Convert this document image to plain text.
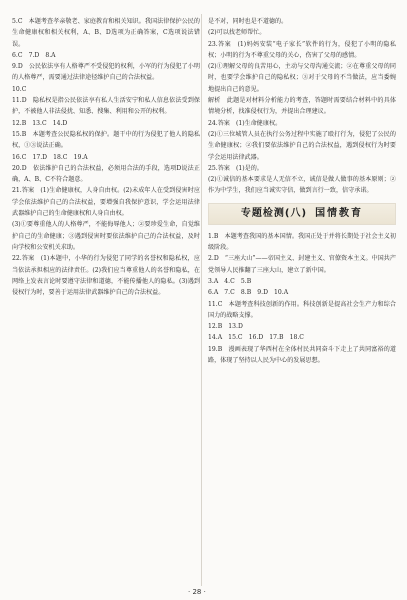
5.C　本题考查孝亲敬老、家庭教育和相关知识。我国法律保护公民的生命健康权和相关权利，A、B、D选项为正确答案，C选项说法错误。
6.C　7.D　8.A
9.D　公民依法享有人格尊严不受侵犯的权利，小军的行为侵犯了小明的人格尊严，需要通过法律途径维护自己的合法权益。
10.C
11.D　隐私权是指公民依法享有私人生活安宁和私人信息依法受到保护，不被他人非法侵扰、知悉、搜集、利用和公开的权利。
12.B　13.C　14.D
15.B　本题考查公民隐私权的保护。题干中的行为侵犯了他人的隐私权，①③说法正确。
16.C　17.D　18.C　19.A
20.D　依法维护自己的合法权益，必须用合法的手段，选项D说法正确，A、B、C不符合题意。
21.答案　(1)生命健康权，人身自由权。(2)未成年人在受到侵害时应学会依法维护自己的合法权益，要增强自我保护意识，学会运用法律武器维护自己的生命健康权和人身自由权。
(3)①要尊重他人的人格尊严，不能侮辱他人；②要珍爱生命，自觉维护自己的生命健康；③遇到侵害时要依法维护自己的合法权益，及时向学校和公安机关求助。
22.答案　(1)本题中，小华的行为侵犯了同学的名誉权和隐私权，应当依法承担相应的法律责任。(2)我们应当尊重他人的名誉和隐私，在网络上发表言论时要遵守法律和道德，不能传播他人的隐私。(3)遇到侵权行为时，要善于运用法律武器维护自己的合法权益。
是不对，同时也是不道德的。
(2)可以找老师帮忙。
23.答案　(1)妈妈安装“电子家长”软件的行为，侵犯了小明的隐私权；小明的行为不尊重父母的关心，伤害了父母的感情。
(2)①理解父母的良苦用心，主动与父母沟通交流；②在尊重父母的同时，也要学会维护自己的隐私权；③对于父母的不当做法，应当委婉地提出自己的意见。
解析　此题是对材料分析能力的考查，答题时需要结合材料中的具体情境分析，找准侵权行为，并提出合理建议。
24.答案　(1)生命健康权。
(2)①三位城管人员在执行公务过程中实施了殴打行为，侵犯了公民的生命健康权；②我们要依法维护自己的合法权益，遇到侵权行为时要学会运用法律武器。
25.答案　(1)是的。
(2)①诚信的基本要求是人无信不立，诚信是做人做事的基本原则；②作为中学生，我们应当诚实守信，做到言行一致，信守承诺。
专题检测(八) 国情教育
1.B　本题考查我国的基本国情。我国正处于并将长期处于社会主义初级阶段。
2.D　“三座大山”——帝国主义、封建主义、官僚资本主义。中国共产党领导人民推翻了三座大山，建立了新中国。
3.A　4.C　5.B
6.A　7.C　8.B　9.D　10.A
11.C　本题考查科技创新的作用。科技创新是提高社会生产力和综合国力的战略支撑。
12.B　13.D
14.A　15.C　16.D　17.B　18.C
19.B　漫画表现了华西村在全体村民共同奋斗下走上了共同富裕的道路，体现了坚持以人民为中心的发展思想。
· 28 ·
